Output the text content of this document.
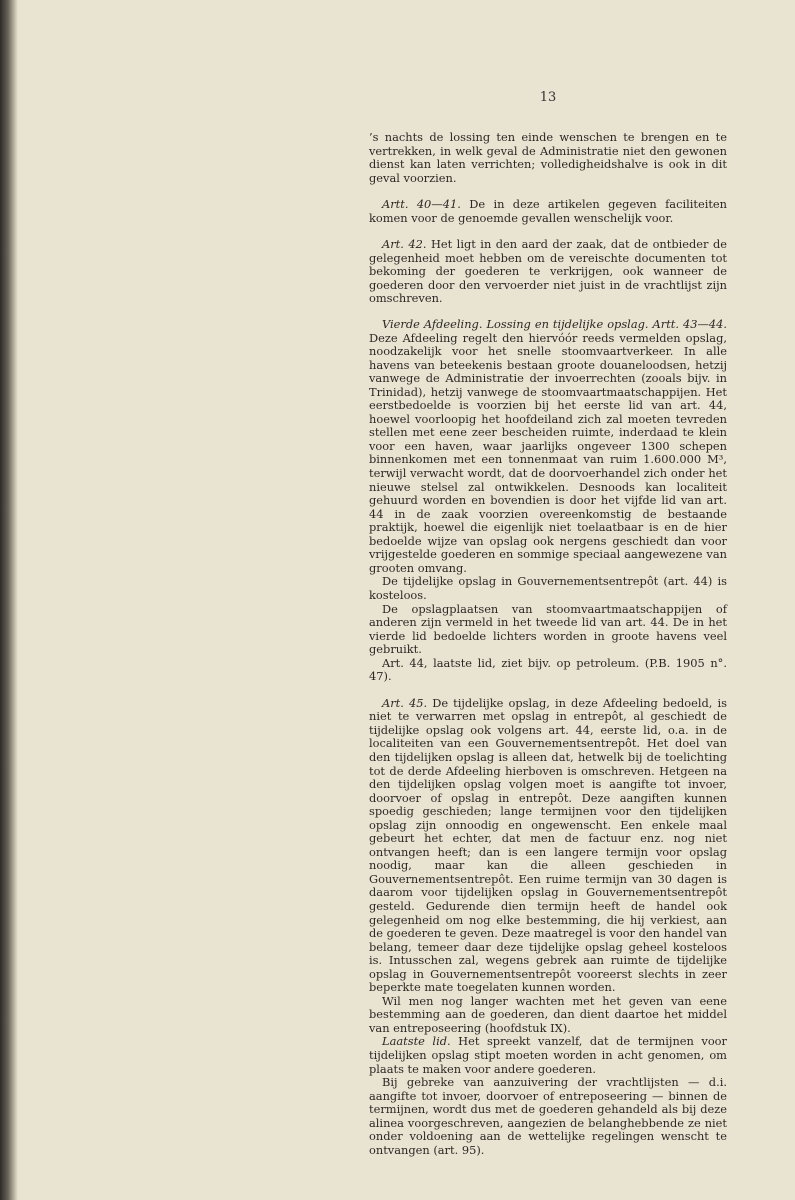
13

’s nachts de lossing ten einde wenschen te brengen en te vertrekken, in welk geval de Administratie niet den gewonen dienst kan laten verrichten; volledigheidshalve is ook in dit geval voorzien.

Artt. 40—41. De in deze artikelen gegeven faciliteiten komen voor de genoemde gevallen wenschelijk voor.

Art. 42. Het ligt in den aard der zaak, dat de ontbieder de gelegenheid moet hebben om de vereischte documenten tot bekoming der goederen te verkrijgen, ook wanneer de goederen door den vervoerder niet juist in de vrachtlijst zijn omschreven.

Vierde Afdeeling. Lossing en tijdelijke opslag. Artt. 43—44. Deze Afdeeling regelt den hiervóór reeds vermelden opslag, noodzakelijk voor het snelle stoomvaartverkeer. In alle havens van beteekenis bestaan groote douaneloodsen, hetzij vanwege de Administratie der invoerrechten (zooals bijv. in Trinidad), hetzij vanwege de stoomvaartmaatschappijen. Het eerstbedoelde is voorzien bij het eerste lid van art. 44, hoewel voorloopig het hoofdeiland zich zal moeten tevreden stellen met eene zeer bescheiden ruimte, inderdaad te klein voor een haven, waar jaarlijks ongeveer 1300 schepen binnenkomen met een tonnenmaat van ruim 1.600.000 M³, terwijl verwacht wordt, dat de doorvoerhandel zich onder het nieuwe stelsel zal ontwikkelen. Desnoods kan localiteit gehuurd worden en bovendien is door het vijfde lid van art. 44 in de zaak voorzien overeenkomstig de bestaande praktijk, hoewel die eigenlijk niet toelaatbaar is en de hier bedoelde wijze van opslag ook nergens geschiedt dan voor vrijgestelde goederen en sommige speciaal aangewezene van grooten omvang.

De tijdelijke opslag in Gouvernementsentrepôt (art. 44) is kosteloos.

De opslagplaatsen van stoomvaartmaatschappijen of anderen zijn vermeld in het tweede lid van art. 44. De in het vierde lid bedoelde lichters worden in groote havens veel gebruikt.

Art. 44, laatste lid, ziet bijv. op petroleum. (P.B. 1905 n°. 47).

Art. 45. De tijdelijke opslag, in deze Afdeeling bedoeld, is niet te verwarren met opslag in entrepôt, al geschiedt de tijdelijke opslag ook volgens art. 44, eerste lid, o.a. in de localiteiten van een Gouvernementsentrepôt. Het doel van den tijdelijken opslag is alleen dat, hetwelk bij de toelichting tot de derde Afdeeling hierboven is omschreven. Hetgeen na den tijdelijken opslag volgen moet is aangifte tot invoer, doorvoer of opslag in entrepôt. Deze aangiften kunnen spoedig geschieden; lange termijnen voor den tijdelijken opslag zijn onnoodig en ongewenscht. Een enkele maal gebeurt het echter, dat men de factuur enz. nog niet ontvangen heeft; dan is een langere termijn voor opslag noodig, maar kan die alleen geschieden in Gouvernementsentrepôt. Een ruime termijn van 30 dagen is daarom voor tijdelijken opslag in Gouvernementsentrepôt gesteld. Gedurende dien termijn heeft de handel ook gelegenheid om nog elke bestemming, die hij verkiest, aan de goederen te geven. Deze maatregel is voor den handel van belang, temeer daar deze tijdelijke opslag geheel kosteloos is. Intusschen zal, wegens gebrek aan ruimte de tijdelijke opslag in Gouvernementsentrepôt vooreerst slechts in zeer beperkte mate toegelaten kunnen worden.

Wil men nog langer wachten met het geven van eene bestemming aan de goederen, dan dient daartoe het middel van entreposeering (hoofdstuk IX).

Laatste lid. Het spreekt vanzelf, dat de termijnen voor tijdelijken opslag stipt moeten worden in acht genomen, om plaats te maken voor andere goederen.

Bij gebreke van aanzuivering der vrachtlijsten — d.i. aangifte tot invoer, doorvoer of entreposeering — binnen de termijnen, wordt dus met de goederen gehandeld als bij deze alinea voorgeschreven, aangezien de belanghebbende ze niet onder voldoening aan de wettelijke regelingen wenscht te ontvangen (art. 95).
